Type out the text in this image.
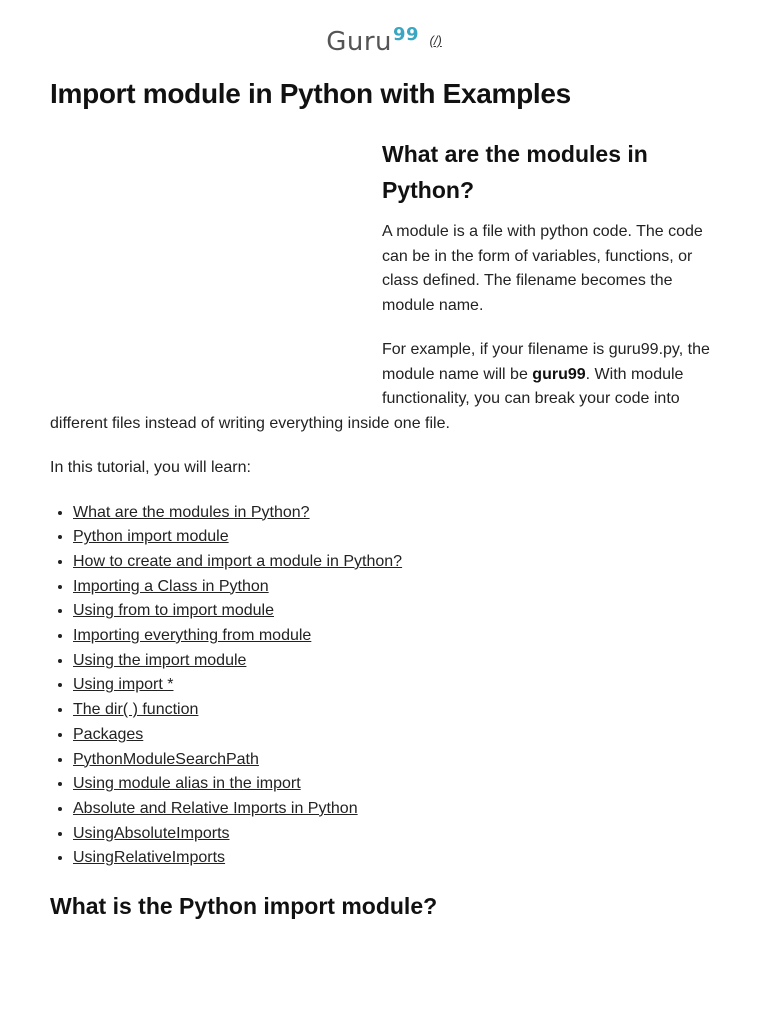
Guru$^{99}$ (/)
Import module in Python with Examples
What are the modules in Python?

A module is a file with python code. The code can be in the form of variables, functions, or class defined. The filename becomes the module name.

For example, if your filename is guru99.py, the module name will be guru99. With module functionality, you can break your code into different files instead of writing everything inside one file.

In this tutorial, you will learn:

• What are the modules in Python?
• Python import module
• How to create and import a module in Python?
• Importing a Class in Python
• Using from to import module
• Importing everything from module
• Using the import module
• Using import *
• The dir( ) function
• Packages
• PythonModuleSearchPath
• Using module alias in the import
• Absolute and Relative Imports in Python
• UsingAbsoluteImports
• UsingRelativeImports
What is the Python import module?
